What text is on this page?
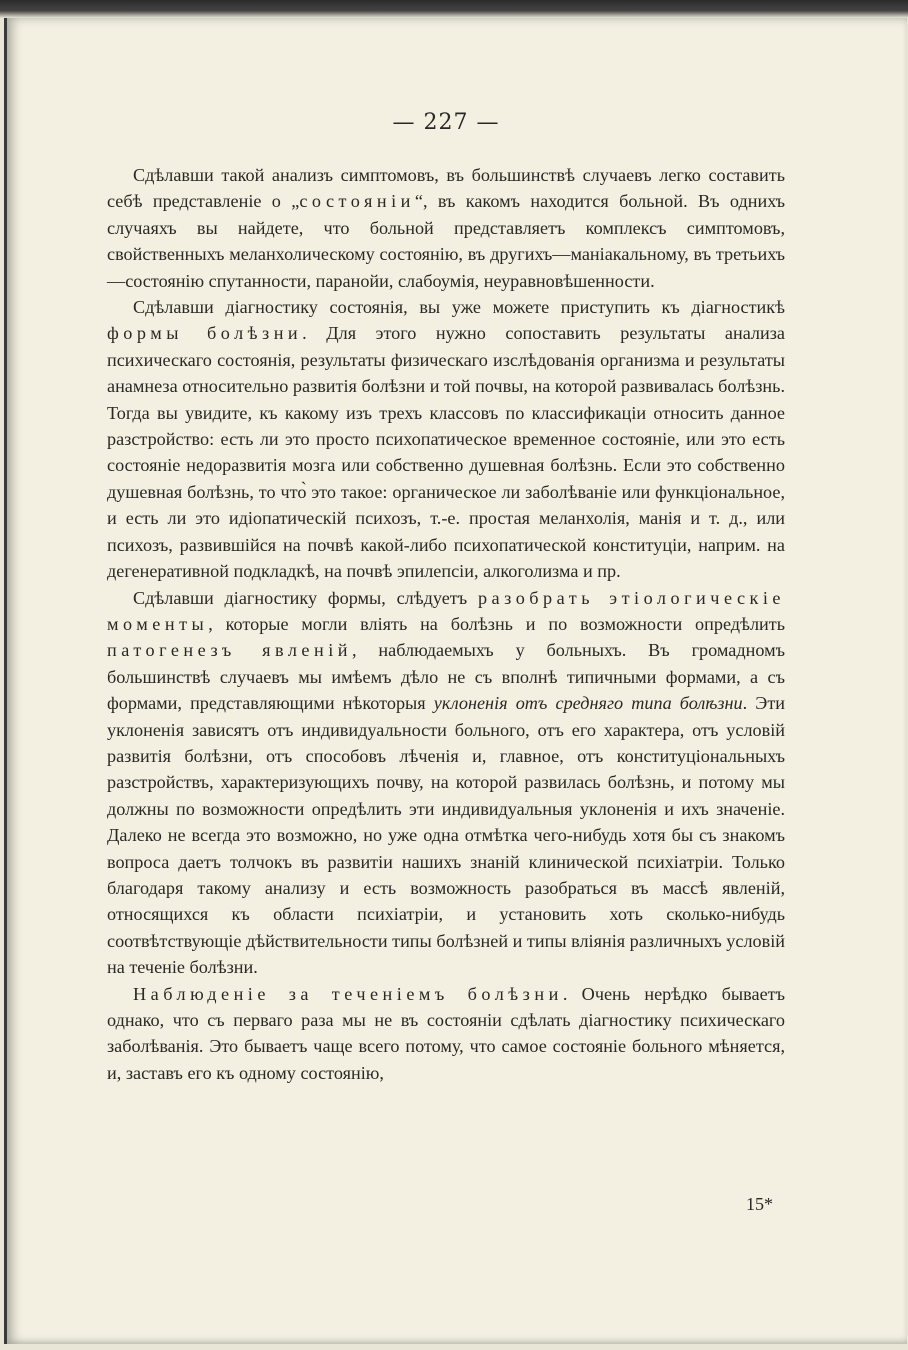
— 227 —

Сдѣлавши такой анализъ симптомовъ, въ большинствѣ случаевъ легко составить себѣ представленіе о „состояніи“, въ какомъ находится больной. Въ однихъ случаяхъ вы найдете, что больной представляетъ комплексъ симптомовъ, свойственныхъ меланхолическому состоянію, въ другихъ—маніакальному, въ третьихъ—состоянію спутанности, паранойи, слабоумія, неуравновѣшенности.

Сдѣлавши діагностику состоянія, вы уже можете приступить къ діагностикѣ формы болѣзни. Для этого нужно сопоставить результаты анализа психическаго состоянія, результаты физическаго изслѣдованія организма и результаты анамнеза относительно развитія болѣзни и той почвы, на которой развивалась болѣзнь. Тогда вы увидите, къ какому изъ трехъ классовъ по классификаціи относить данное разстройство: есть ли это просто психопатическое временное состояніе, или это есть состояніе недоразвитія мозга или собственно душевная болѣзнь. Если это собственно душевная болѣзнь, то что̀ это такое: органическое ли заболѣваніе или функціональное, и есть ли это идіопатическій психозъ, т.-е. простая меланхолія, манія и т. д., или психозъ, развившійся на почвѣ какой-либо психопатической конституціи, наприм. на дегенеративной подкладкѣ, на почвѣ эпилепсіи, алкоголизма и пр.

Сдѣлавши діагностику формы, слѣдуетъ разобрать этіологическіе моменты, которые могли вліять на болѣзнь и по возможности опредѣлить патогенезъ явленій, наблюдаемыхъ у больныхъ. Въ громадномъ большинствѣ случаевъ мы имѣемъ дѣло не съ вполнѣ типичными формами, а съ формами, представляющими нѣкоторыя уклоненія отъ средняго типа болѣзни. Эти уклоненія зависятъ отъ индивидуальности больного, отъ его характера, отъ условій развитія болѣзни, отъ способовъ лѣченія и, главное, отъ конституціональныхъ разстройствъ, характеризующихъ почву, на которой развилась болѣзнь, и потому мы должны по возможности опредѣлить эти индивидуальныя уклоненія и ихъ значеніе. Далеко не всегда это возможно, но уже одна отмѣтка чего-нибудь хотя бы съ знакомъ вопроса даетъ толчокъ въ развитіи нашихъ знаній клинической психіатріи. Только благодаря такому анализу и есть возможность разобраться въ массѣ явленій, относящихся къ области психіатріи, и установить хоть сколько-нибудь соотвѣтствующіе дѣйствительности типы болѣзней и типы вліянія различныхъ условій на теченіе болѣзни.

Наблюденіе за теченіемъ болѣзни. Очень нерѣдко бываетъ однако, что съ перваго раза мы не въ состояніи сдѣлать діагностику психическаго заболѣванія. Это бываетъ чаще всего потому, что самое состояніе больного мѣняется, и, заставъ его къ одному состоянію,

15*
